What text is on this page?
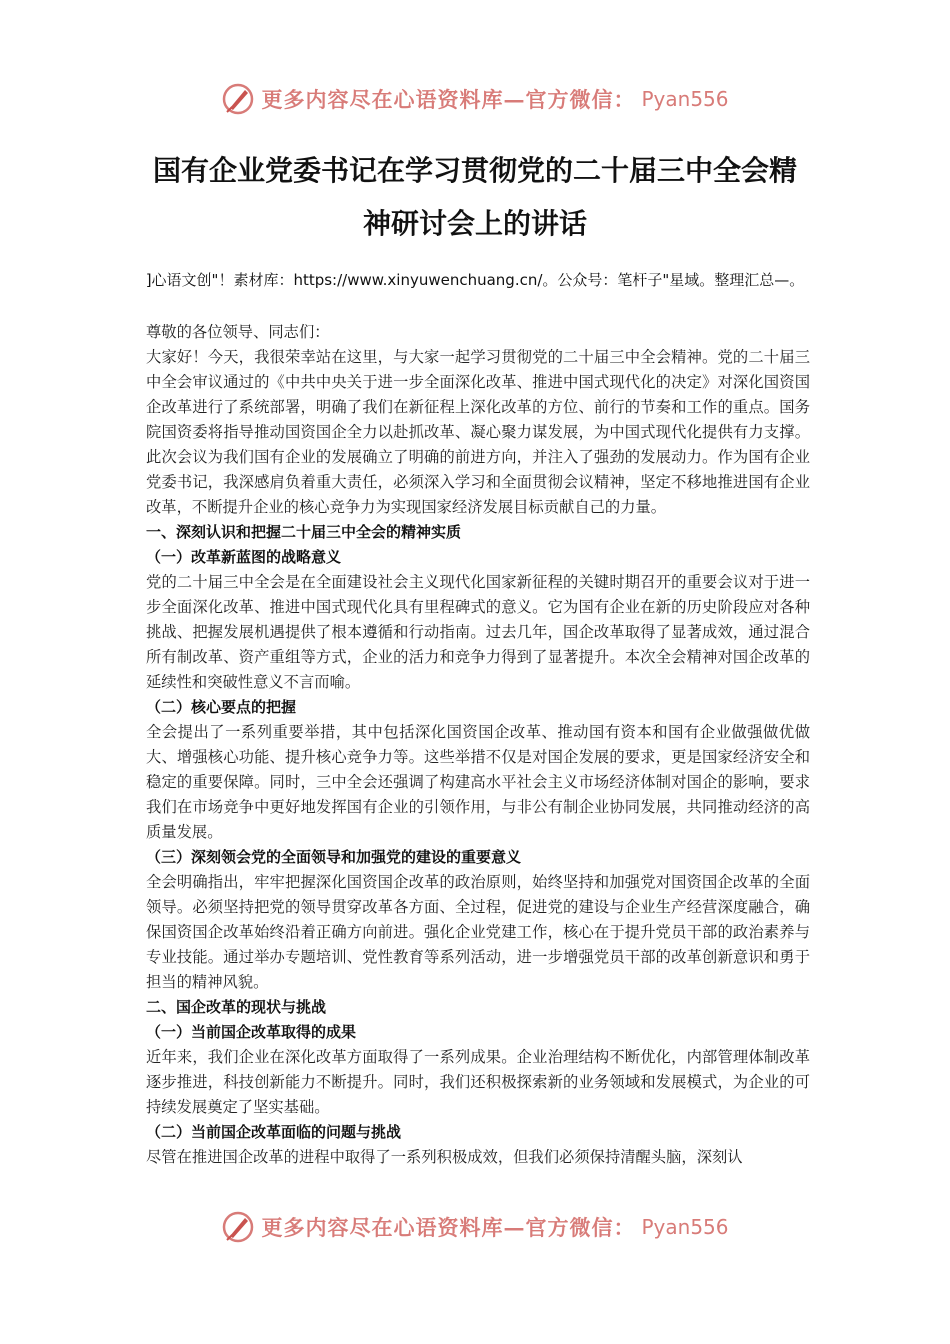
更多内容尽在心语资料库—官方微信： Pyan556
国有企业党委书记在学习贯彻党的二十届三中全会精神研讨会上的讲话
]心语文创"！素材库：https://www.xinyuwenchuang.cn/。公众号：笔杆子"星域。整理汇总—。

尊敬的各位领导、同志们：

大家好！今天，我很荣幸站在这里，与大家一起学习贯彻党的二十届三中全会精神。党的二十届三中全会审议通过的《中共中央关于进一步全面深化改革、推进中国式现代化的决定》对深化国资国企改革进行了系统部署，明确了我们在新征程上深化改革的方位、前行的节奏和工作的重点。国务院国资委将指导推动国资国企全力以赴抓改革、凝心聚力谋发展，为中国式现代化提供有力支撑。此次会议为我们国有企业的发展确立了明确的前进方向，并注入了强劲的发展动力。作为国有企业党委书记，我深感肩负着重大责任，必须深入学习和全面贯彻会议精神，坚定不移地推进国有企业改革，不断提升企业的核心竞争力为实现国家经济发展目标贡献自己的力量。

一、深刻认识和把握二十届三中全会的精神实质

（一）改革新蓝图的战略意义

党的二十届三中全会是在全面建设社会主义现代化国家新征程的关键时期召开的重要会议对于进一步全面深化改革、推进中国式现代化具有里程碑式的意义。它为国有企业在新的历史阶段应对各种挑战、把握发展机遇提供了根本遵循和行动指南。过去几年，国企改革取得了显著成效，通过混合所有制改革、资产重组等方式，企业的活力和竞争力得到了显著提升。本次全会精神对国企改革的延续性和突破性意义不言而喻。

（二）核心要点的把握

全会提出了一系列重要举措，其中包括深化国资国企改革、推动国有资本和国有企业做强做优做大、增强核心功能、提升核心竞争力等。这些举措不仅是对国企发展的要求，更是国家经济安全和稳定的重要保障。同时，三中全会还强调了构建高水平社会主义市场经济体制对国企的影响，要求我们在市场竞争中更好地发挥国有企业的引领作用，与非公有制企业协同发展，共同推动经济的高质量发展。

（三）深刻领会党的全面领导和加强党的建设的重要意义

全会明确指出，牢牢把握深化国资国企改革的政治原则，始终坚持和加强党对国资国企改革的全面领导。必须坚持把党的领导贯穿改革各方面、全过程，促进党的建设与企业生产经营深度融合，确保国资国企改革始终沿着正确方向前进。强化企业党建工作，核心在于提升党员干部的政治素养与专业技能。通过举办专题培训、党性教育等系列活动，进一步增强党员干部的改革创新意识和勇于担当的精神风貌。

二、国企改革的现状与挑战

（一）当前国企改革取得的成果

近年来，我们企业在深化改革方面取得了一系列成果。企业治理结构不断优化，内部管理体制改革逐步推进，科技创新能力不断提升。同时，我们还积极探索新的业务领域和发展模式，为企业的可持续发展奠定了坚实基础。

（二）当前国企改革面临的问题与挑战

尽管在推进国企改革的进程中取得了一系列积极成效，但我们必须保持清醒头脑，深刻认

更多内容尽在心语资料库—官方微信： Pyan556
